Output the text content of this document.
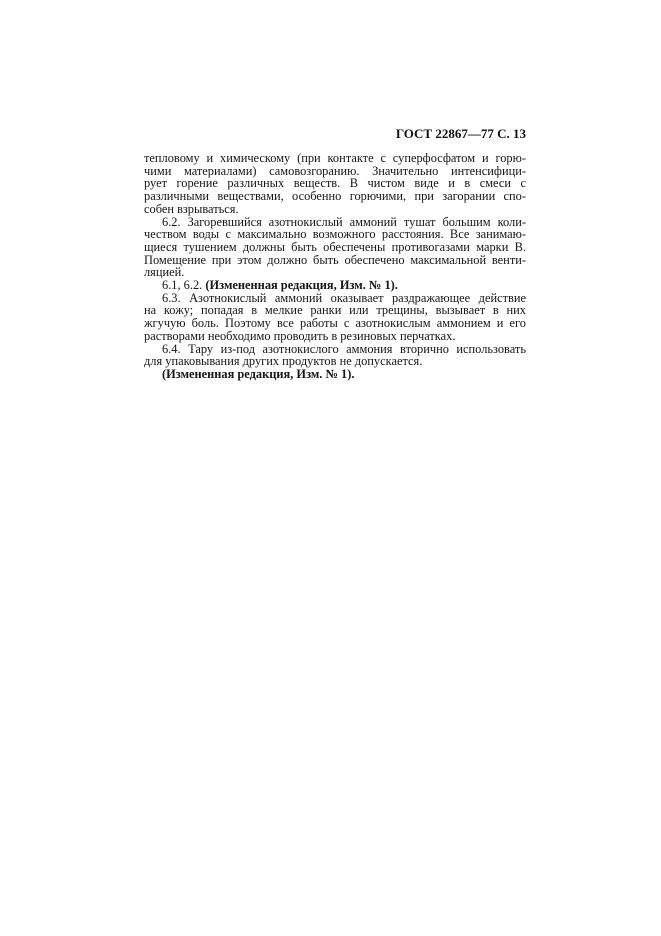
ГОСТ 22867—77 С. 13
тепловому и химическому (при контакте с суперфосфатом и горю-
чими материалами) самовозгоранию. Значительно интенсифици-
рует горение различных веществ. В чистом виде и в смеси с
различными веществами, особенно горючими, при загорании спо-
собен взрываться.
6.2. Загоревшийся азотнокислый аммоний тушат большим коли-
чеством воды с максимально возможного расстояния. Все занимаю-
щиеся тушением должны быть обеспечены противогазами марки В.
Помещение при этом должно быть обеспечено максимальной венти-
ляцией.
6.1, 6.2. (Измененная редакция, Изм. № 1).
6.3. Азотнокислый аммоний оказывает раздражающее действие
на кожу; попадая в мелкие ранки или трещины, вызывает в них
жгучую боль. Поэтому все работы с азотнокислым аммонием и его
растворами необходимо проводить в резиновых перчатках.
6.4. Тару из-под азотнокислого аммония вторично использовать
для упаковывания других продуктов не допускается.
(Измененная редакция, Изм. № 1).
